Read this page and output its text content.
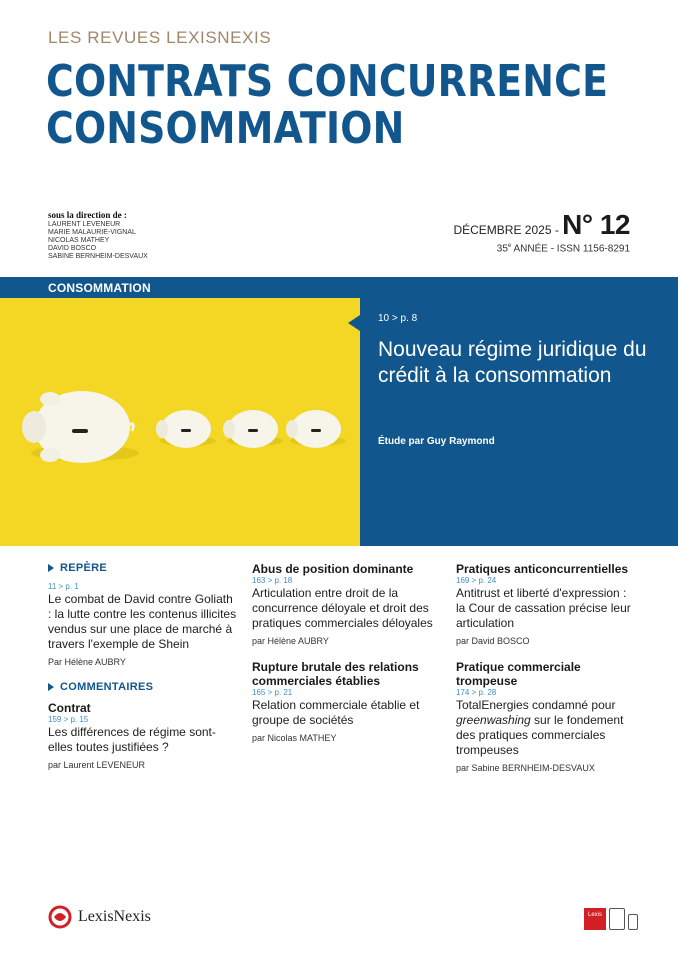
LES REVUES LEXISNEXIS
CONTRATS CONCURRENCE
CONSOMMATION
sous la direction de :
LAURENT LEVENEUR
MARIE MALAURIE-VIGNAL
NICOLAS MATHEY
DAVID BOSCO
SABINE BERNHEIM-DESVAUX
DÉCEMBRE 2025 - N° 12
35e ANNÉE - ISSN 1156-8291
CONSOMMATION
10 > p. 8
Nouveau régime juridique du crédit à la consommation
Étude par Guy Raymond
REPÈRE
11 > p. 1
Le combat de David contre Goliath : la lutte contre les contenus illicites vendus sur une place de marché à travers l'exemple de Shein
Par Hélène AUBRY
COMMENTAIRES
Contrat
159 > p. 15
Les différences de régime sont-elles toutes justifiées ?
par Laurent LEVENEUR
Abus de position dominante
163 > p. 18
Articulation entre droit de la concurrence déloyale et droit des pratiques commerciales déloyales
par Hélène AUBRY
Rupture brutale des relations commerciales établies
165 > p. 21
Relation commerciale établie et groupe de sociétés
par Nicolas MATHEY
Pratiques anticoncurrentielles
169 > p. 24
Antitrust et liberté d'expression : la Cour de cassation précise leur articulation
par David BOSCO
Pratique commerciale trompeuse
174 > p. 28
TotalEnergies condamné pour greenwashing sur le fondement des pratiques commerciales trompeuses
par Sabine BERNHEIM-DESVAUX
LexisNexis	Lexis
